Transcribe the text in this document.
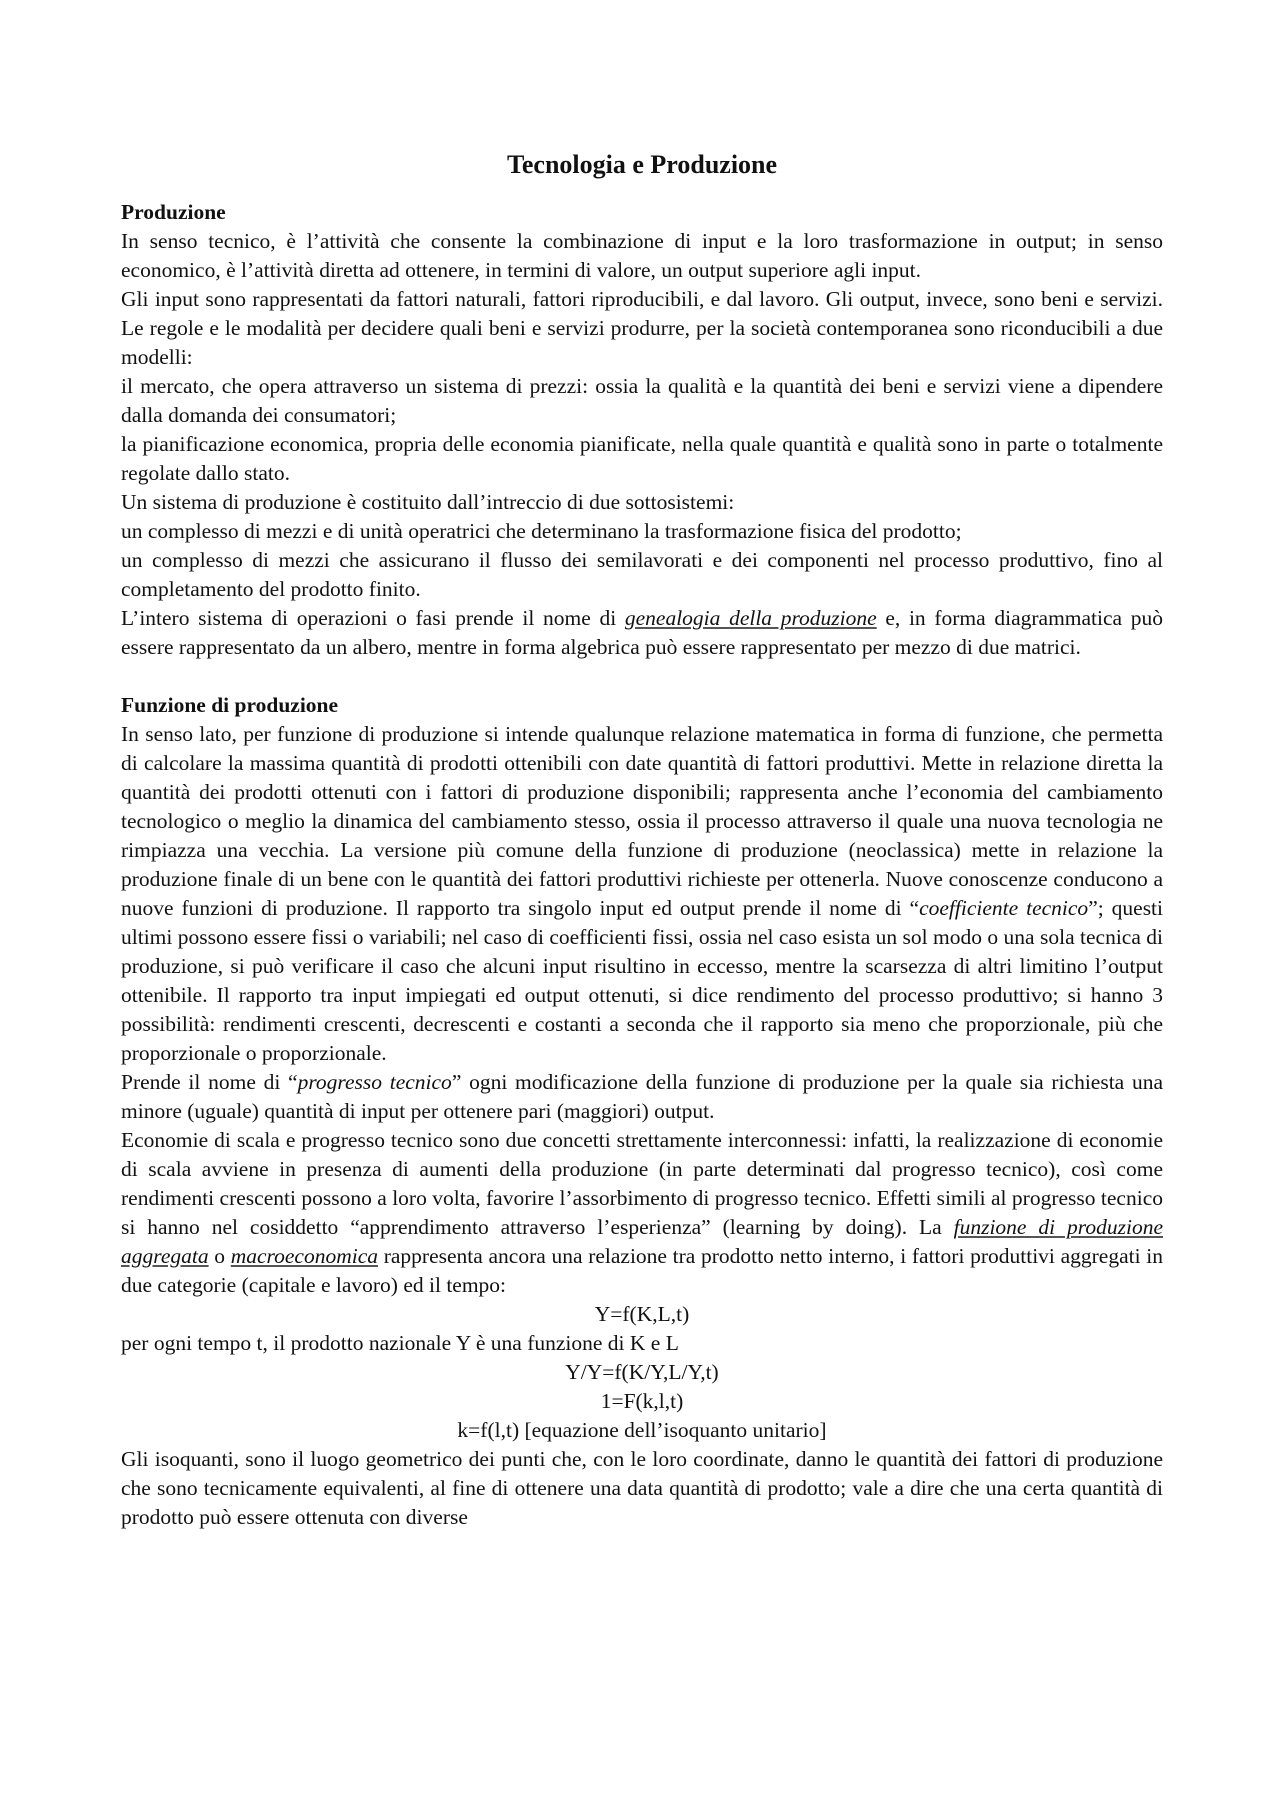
Tecnologia e Produzione

Produzione

In senso tecnico, è l’attività che consente la combinazione di input e la loro trasformazione in output; in senso economico, è l’attività diretta ad ottenere, in termini di valore, un output superiore agli input.

Gli input sono rappresentati da fattori naturali, fattori riproducibili, e dal lavoro. Gli output, invece, sono beni e servizi. Le regole e le modalità per decidere quali beni e servizi produrre, per la società contemporanea sono riconducibili a due modelli:

il mercato, che opera attraverso un sistema di prezzi: ossia la qualità e la quantità dei beni e servizi viene a dipendere dalla domanda dei consumatori;

la pianificazione economica, propria delle economia pianificate, nella quale quantità e qualità sono in parte o totalmente regolate dallo stato.

Un sistema di produzione è costituito dall’intreccio di due sottosistemi:

un complesso di mezzi e di unità operatrici che determinano la trasformazione fisica del prodotto;

un complesso di mezzi che assicurano il flusso dei semilavorati e dei componenti nel processo produttivo, fino al completamento del prodotto finito.

L’intero sistema di operazioni o fasi prende il nome di genealogia della produzione e, in forma diagrammatica può essere rappresentato da un albero, mentre in forma algebrica può essere rappresentato per mezzo di due matrici.

Funzione di produzione

In senso lato, per funzione di produzione si intende qualunque relazione matematica in forma di funzione, che permetta di calcolare la massima quantità di prodotti ottenibili con date quantità di fattori produttivi. Mette in relazione diretta la quantità dei prodotti ottenuti con i fattori di produzione disponibili; rappresenta anche l’economia del cambiamento tecnologico o meglio la dinamica del cambiamento stesso, ossia il processo attraverso il quale una nuova tecnologia ne rimpiazza una vecchia. La versione più comune della funzione di produzione (neoclassica) mette in relazione la produzione finale di un bene con le quantità dei fattori produttivi richieste per ottenerla. Nuove conoscenze conducono a nuove funzioni di produzione. Il rapporto tra singolo input ed output prende il nome di “coefficiente tecnico”; questi ultimi possono essere fissi o variabili; nel caso di coefficienti fissi, ossia nel caso esista un sol modo o una sola tecnica di produzione, si può verificare il caso che alcuni input risultino in eccesso, mentre la scarsezza di altri limitino l’output ottenibile. Il rapporto tra input impiegati ed output ottenuti, si dice rendimento del processo produttivo; si hanno 3 possibilità: rendimenti crescenti, decrescenti e costanti a seconda che il rapporto sia meno che proporzionale, più che proporzionale o proporzionale.

Prende il nome di “progresso tecnico” ogni modificazione della funzione di produzione per la quale sia richiesta una minore (uguale) quantità di input per ottenere pari (maggiori) output.

Economie di scala e progresso tecnico sono due concetti strettamente interconnessi: infatti, la realizzazione di economie di scala avviene in presenza di aumenti della produzione (in parte determinati dal progresso tecnico), così come rendimenti crescenti possono a loro volta, favorire l’assorbimento di progresso tecnico. Effetti simili al progresso tecnico si hanno nel cosiddetto “apprendimento attraverso l’esperienza” (learning by doing). La funzione di produzione aggregata o macroeconomica rappresenta ancora una relazione tra prodotto netto interno, i fattori produttivi aggregati in due categorie (capitale e lavoro) ed il tempo:

Y=f(K,L,t)

per ogni tempo t, il prodotto nazionale Y è una funzione di K e L

Y/Y=f(K/Y,L/Y,t)

1=F(k,l,t)

k=f(l,t) [equazione dell’isoquanto unitario]

Gli isoquanti, sono il luogo geometrico dei punti che, con le loro coordinate, danno le quantità dei fattori di produzione che sono tecnicamente equivalenti, al fine di ottenere una data quantità di prodotto; vale a dire che una certa quantità di prodotto può essere ottenuta con diverse
